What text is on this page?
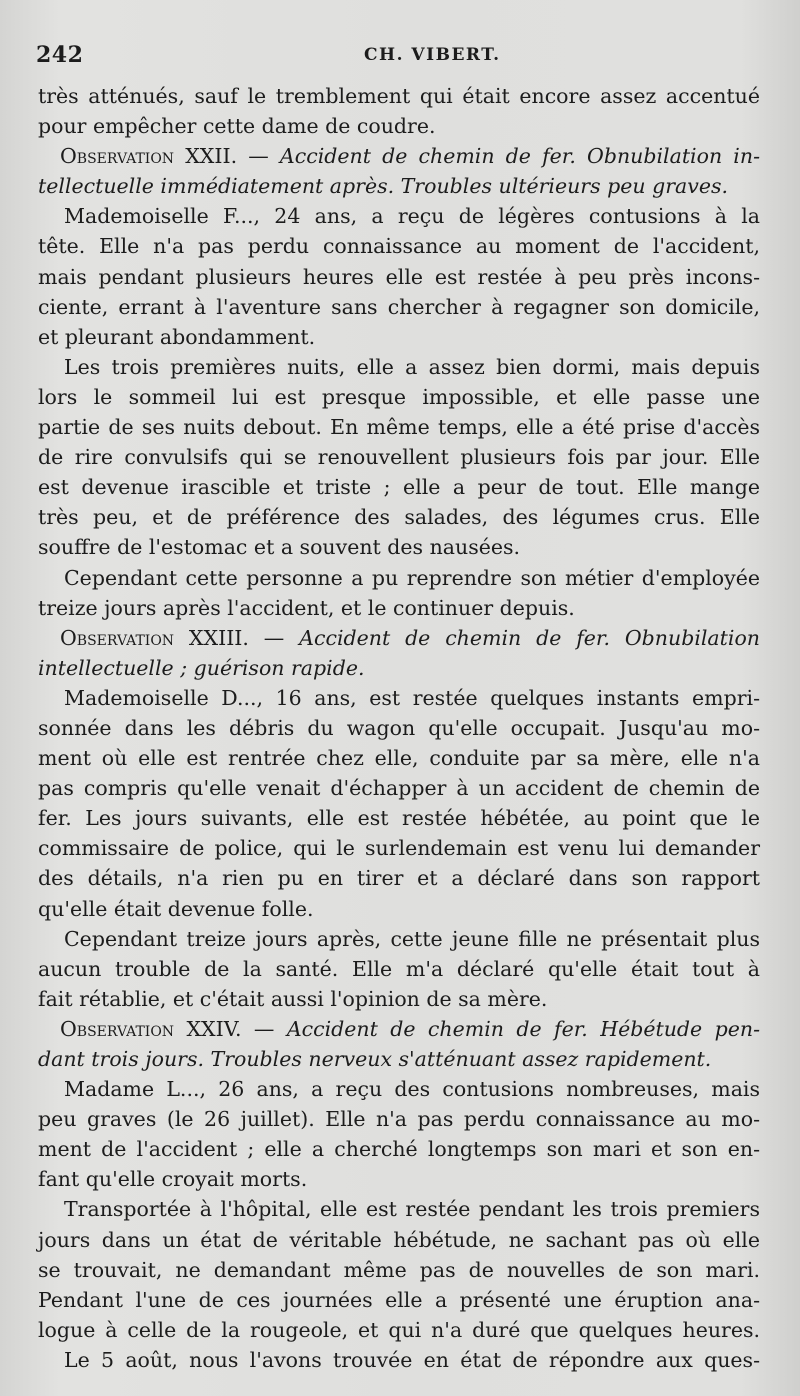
242	CH. VIBERT.
très atténués, sauf le tremblement qui était encore assez accentué
pour empêcher cette dame de coudre.
Observation XXII. — Accident de chemin de fer. Obnubilation in-
tellectuelle immédiatement après. Troubles ultérieurs peu graves.
Mademoiselle F..., 24 ans, a reçu de légères contusions à la
tête. Elle n'a pas perdu connaissance au moment de l'accident,
mais pendant plusieurs heures elle est restée à peu près incons-
ciente, errant à l'aventure sans chercher à regagner son domicile,
et pleurant abondamment.
Les trois premières nuits, elle a assez bien dormi, mais depuis
lors le sommeil lui est presque impossible, et elle passe une
partie de ses nuits debout. En même temps, elle a été prise d'accès
de rire convulsifs qui se renouvellent plusieurs fois par jour. Elle
est devenue irascible et triste ; elle a peur de tout. Elle mange
très peu, et de préférence des salades, des légumes crus. Elle
souffre de l'estomac et a souvent des nausées.
Cependant cette personne a pu reprendre son métier d'employée
treize jours après l'accident, et le continuer depuis.
Observation XXIII. — Accident de chemin de fer. Obnubilation
intellectuelle ; guérison rapide.
Mademoiselle D..., 16 ans, est restée quelques instants empri-
sonnée dans les débris du wagon qu'elle occupait. Jusqu'au mo-
ment où elle est rentrée chez elle, conduite par sa mère, elle n'a
pas compris qu'elle venait d'échapper à un accident de chemin de
fer. Les jours suivants, elle est restée hébétée, au point que le
commissaire de police, qui le surlendemain est venu lui demander
des détails, n'a rien pu en tirer et a déclaré dans son rapport
qu'elle était devenue folle.
Cependant treize jours après, cette jeune fille ne présentait plus
aucun trouble de la santé. Elle m'a déclaré qu'elle était tout à
fait rétablie, et c'était aussi l'opinion de sa mère.
Observation XXIV. — Accident de chemin de fer. Hébétude pen-
dant trois jours. Troubles nerveux s'atténuant assez rapidement.
Madame L..., 26 ans, a reçu des contusions nombreuses, mais
peu graves (le 26 juillet). Elle n'a pas perdu connaissance au mo-
ment de l'accident ; elle a cherché longtemps son mari et son en-
fant qu'elle croyait morts.
Transportée à l'hôpital, elle est restée pendant les trois premiers
jours dans un état de véritable hébétude, ne sachant pas où elle
se trouvait, ne demandant même pas de nouvelles de son mari.
Pendant l'une de ces journées elle a présenté une éruption ana-
logue à celle de la rougeole, et qui n'a duré que quelques heures.
Le 5 août, nous l'avons trouvée en état de répondre aux ques-
